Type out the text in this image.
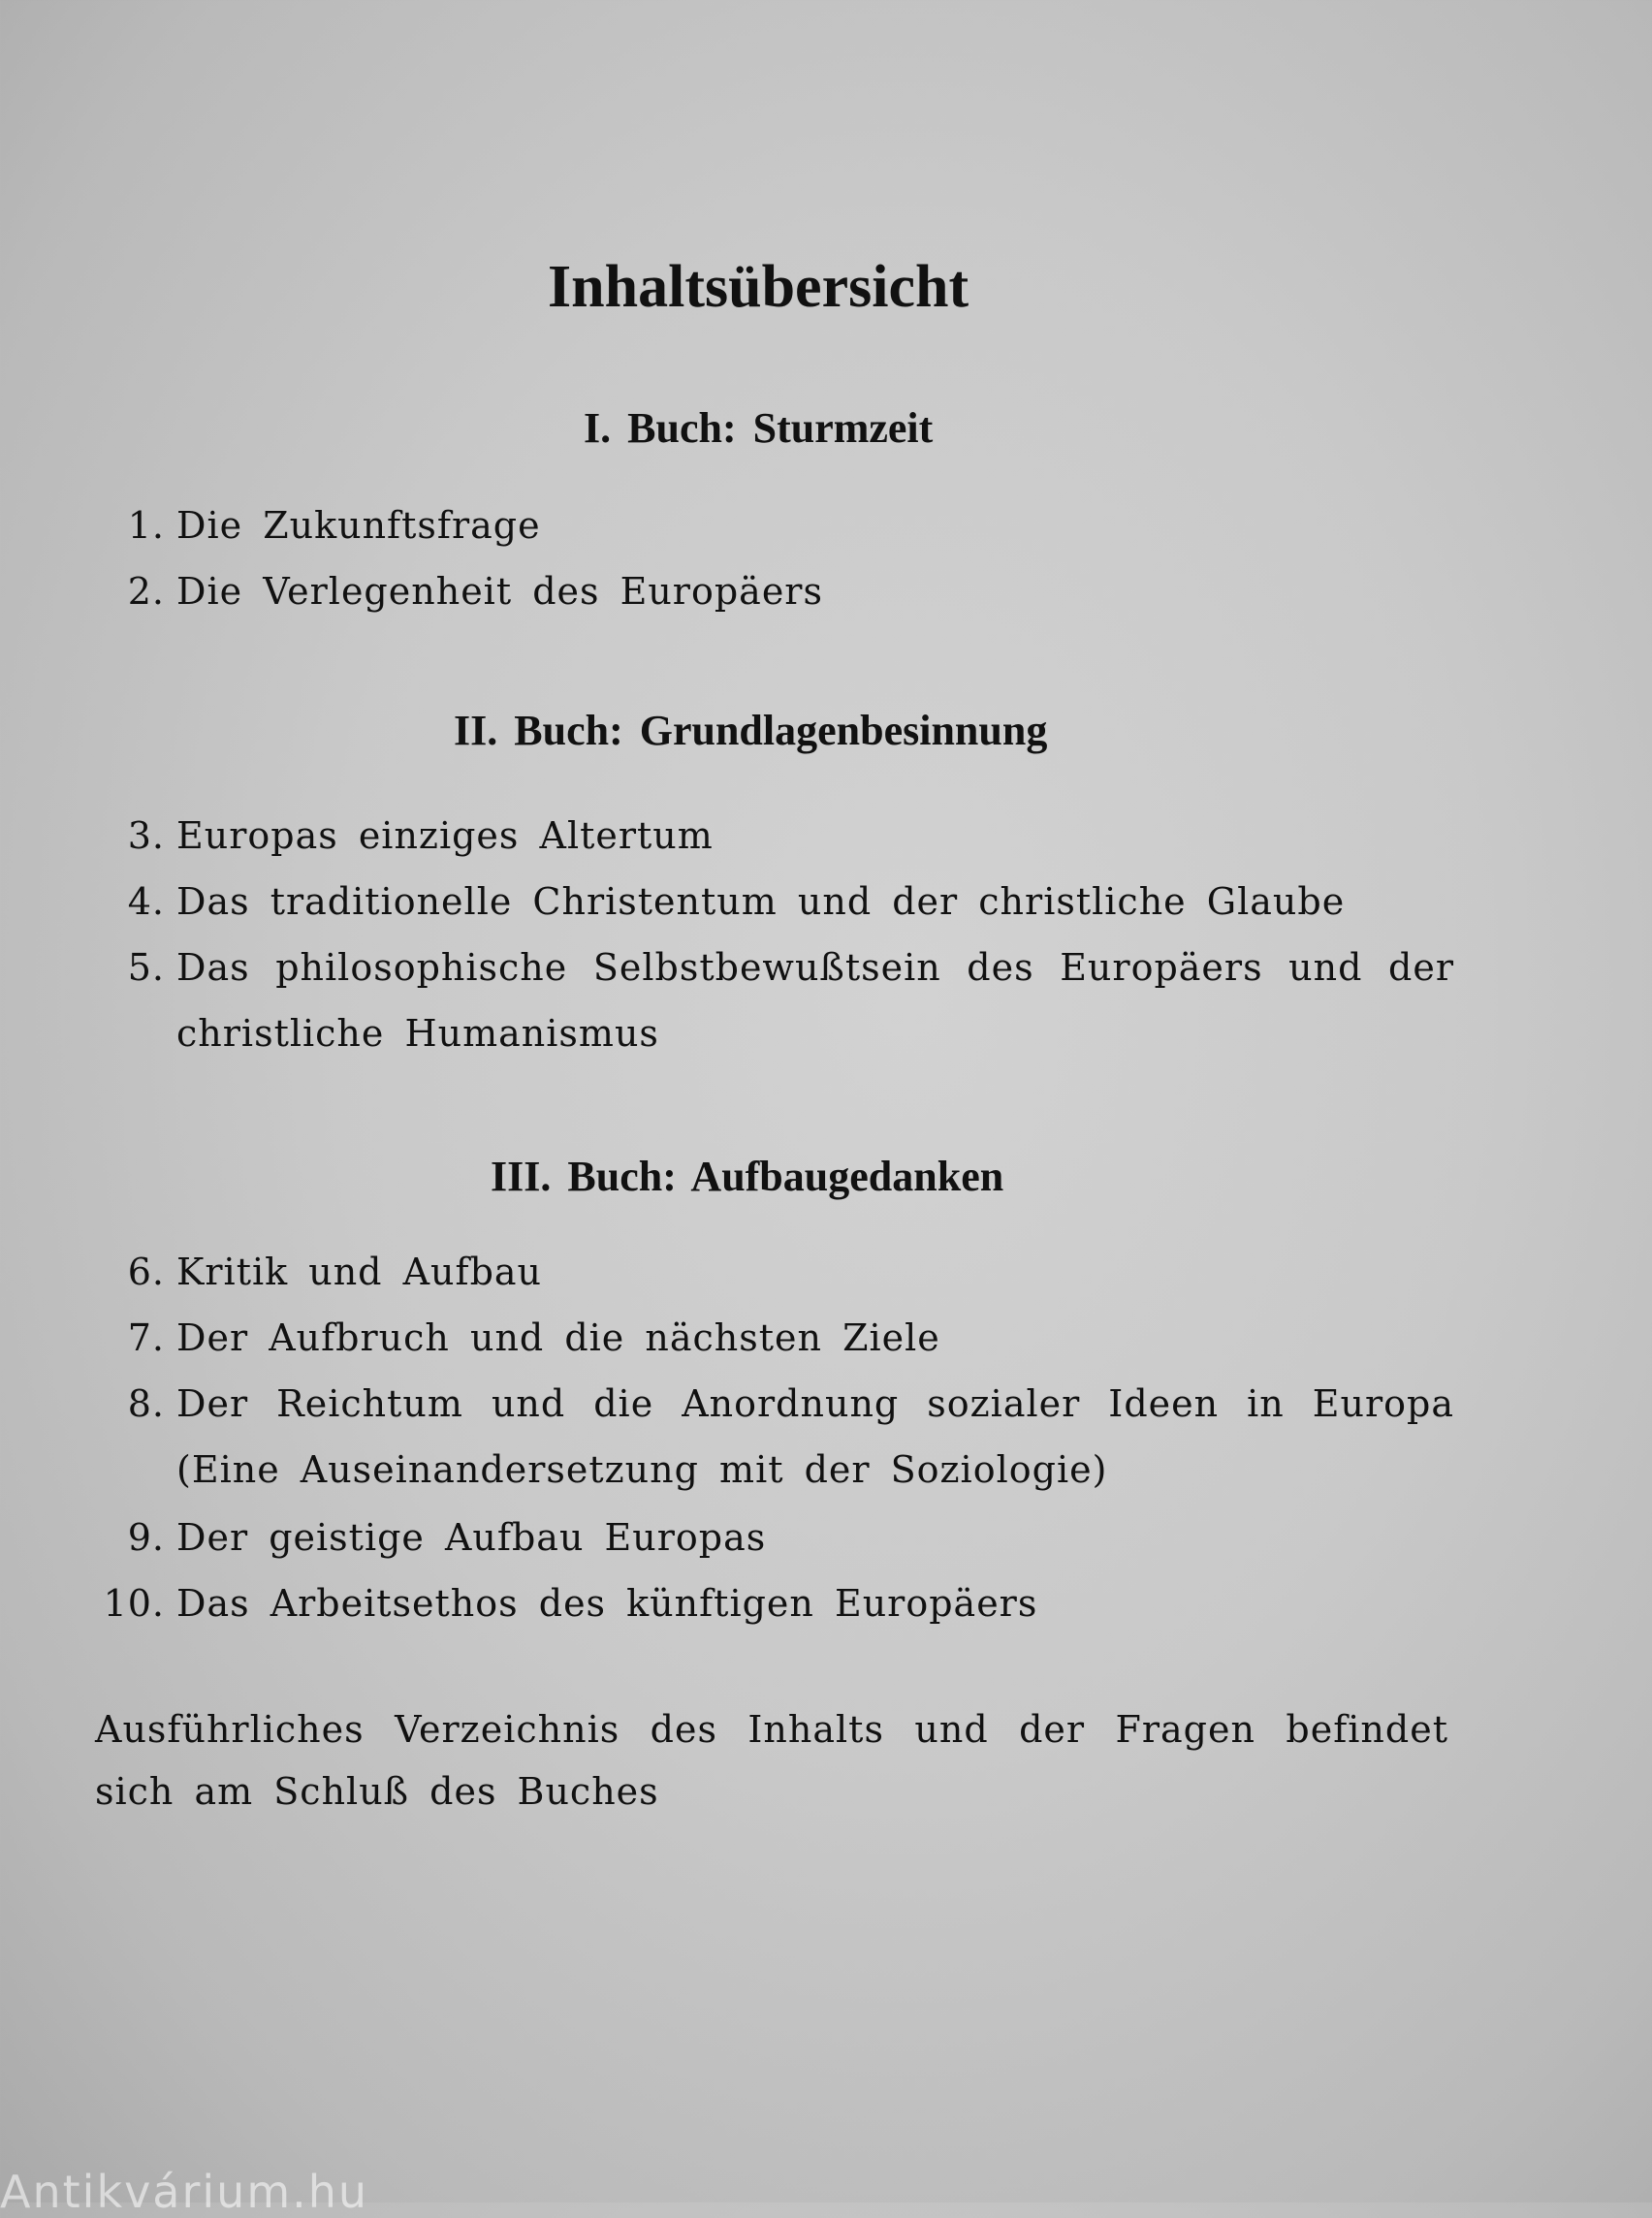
Inhaltsübersicht
I. Buch: Sturmzeit
1. Die Zukunftsfrage
2. Die Verlegenheit des Europäers
II. Buch: Grundlagenbesinnung
3. Europas einziges Altertum
4. Das traditionelle Christentum und der christliche Glaube
5. Das philosophische Selbstbewußtsein des Europäers und der
christliche Humanismus
III. Buch: Aufbaugedanken
6. Kritik und Aufbau
7. Der Aufbruch und die nächsten Ziele
8. Der Reichtum und die Anordnung sozialer Ideen in Europa
(Eine Auseinandersetzung mit der Soziologie)
9. Der geistige Aufbau Europas
10. Das Arbeitsethos des künftigen Europäers
Ausführliches Verzeichnis des Inhalts und der Fragen befindet
sich am Schluß des Buches
Antikvárium.hu
